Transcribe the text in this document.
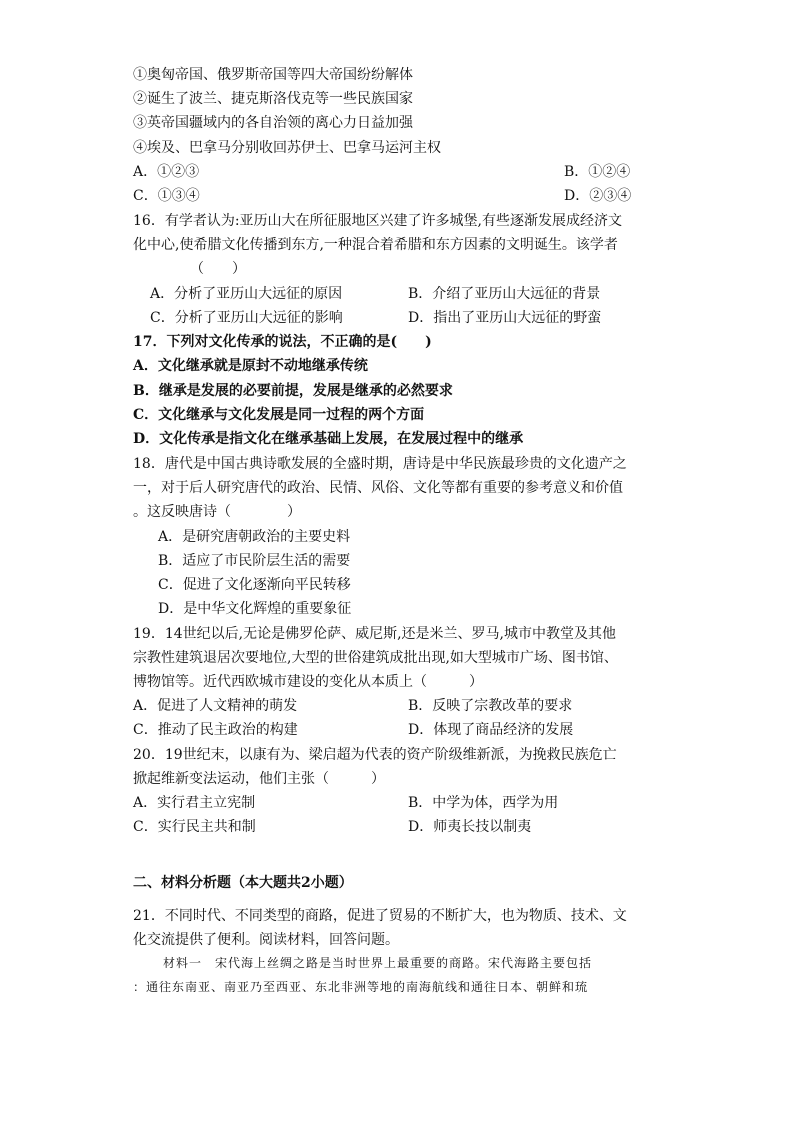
①奥匈帝国、俄罗斯帝国等四大帝国纷纷解体
②诞生了波兰、捷克斯洛伐克等一些民族国家
③英帝国疆域内的各自治领的离心力日益加强
④埃及、巴拿马分别收回苏伊士、巴拿马运河主权
A．①②③	B．①②④
C．①③④	D．②③④
16．有学者认为:亚历山大在所征服地区兴建了许多城堡,有些逐渐发展成经济文
化中心,使希腊文化传播到东方,一种混合着希腊和东方因素的文明诞生。该学者
（　　）
A．分析了亚历山大远征的原因	B．介绍了亚历山大远征的背景
C．分析了亚历山大远征的影响	D．指出了亚历山大远征的野蛮
17．下列对文化传承的说法，不正确的是(　　)
A．文化继承就是原封不动地继承传统
B．继承是发展的必要前提，发展是继承的必然要求
C．文化继承与文化发展是同一过程的两个方面
D．文化传承是指文化在继承基础上发展，在发展过程中的继承
18．唐代是中国古典诗歌发展的全盛时期，唐诗是中华民族最珍贵的文化遗产之
一，对于后人研究唐代的政治、民情、风俗、文化等都有重要的参考意义和价值
。这反映唐诗（　　　　）
A．是研究唐朝政治的主要史料
B．适应了市民阶层生活的需要
C．促进了文化逐渐向平民转移
D．是中华文化辉煌的重要象征
19．14世纪以后,无论是佛罗伦萨、威尼斯,还是米兰、罗马,城市中教堂及其他
宗教性建筑退居次要地位,大型的世俗建筑成批出现,如大型城市广场、图书馆、
博物馆等。近代西欧城市建设的变化从本质上（　　　）
A．促进了人文精神的萌发	B．反映了宗教改革的要求
C．推动了民主政治的构建	D．体现了商品经济的发展
20．19世纪末，以康有为、梁启超为代表的资产阶级维新派，为挽救民族危亡
掀起维新变法运动，他们主张（　　　）
A．实行君主立宪制	B．中学为体，西学为用
C．实行民主共和制	D．师夷长技以制夷
二、材料分析题（本大题共2小题）
21．不同时代、不同类型的商路，促进了贸易的不断扩大，也为物质、技术、文
化交流提供了便利。阅读材料，回答问题。
材料一　宋代海上丝绸之路是当时世界上最重要的商路。宋代海路主要包括
：通往东南亚、南亚乃至西亚、东北非洲等地的南海航线和通往日本、朝鲜和琉
